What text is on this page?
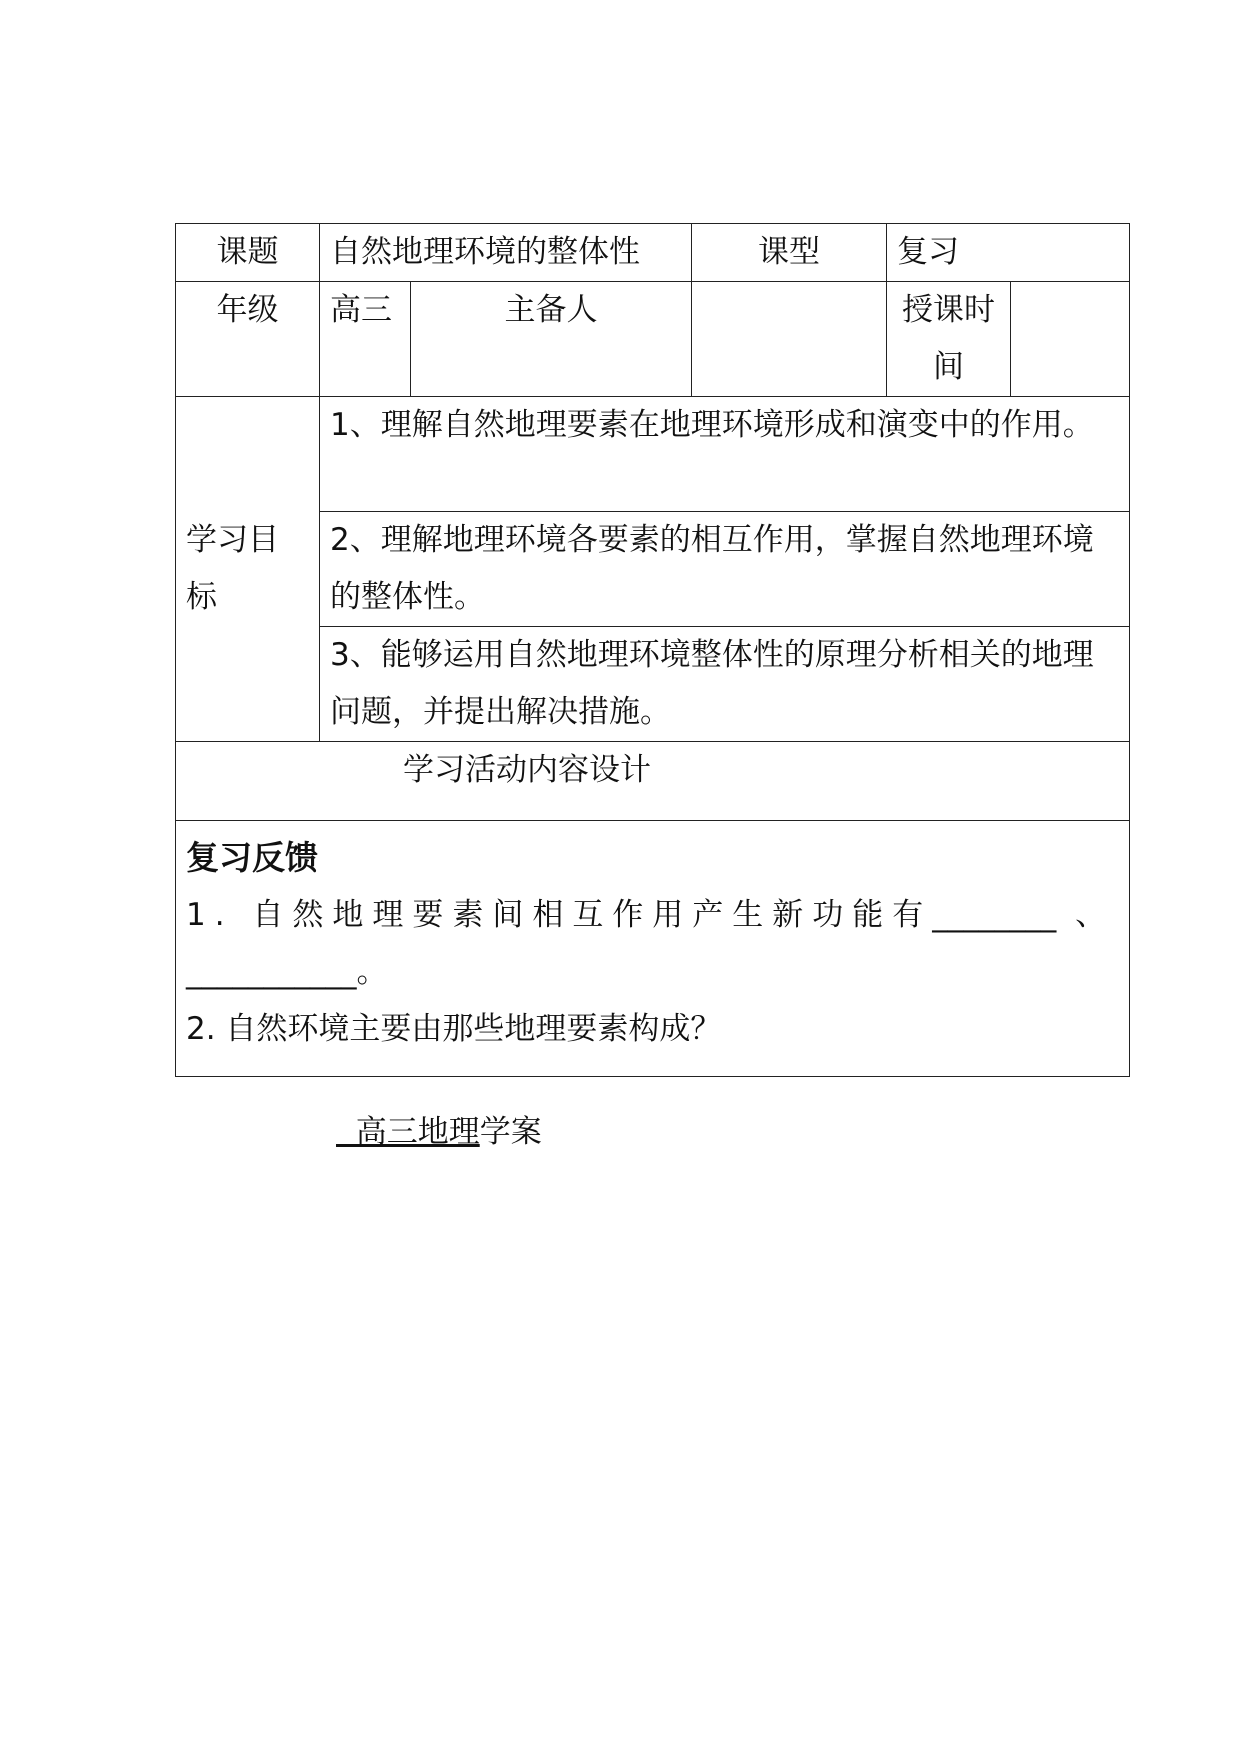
课题	自然地理环境的整体性		课型	复习	
年级	高三	主备人		授课时间	
学习目标	1、理解自然地理要素在地理环境形成和演变中的作用。				
	2、理解地理环境各要素的相互作用，掌握自然地理环境的整体性。				
	3、能够运用自然地理环境整体性的原理分析相关的地理问题，并提出解决措施。				
学习活动内容设计					

复习反馈
1. 自然地理要素间相互作用产生新功能有________ 、
___________。
2. 自然环境主要由那些地理要素构成？					
高三地理学案
